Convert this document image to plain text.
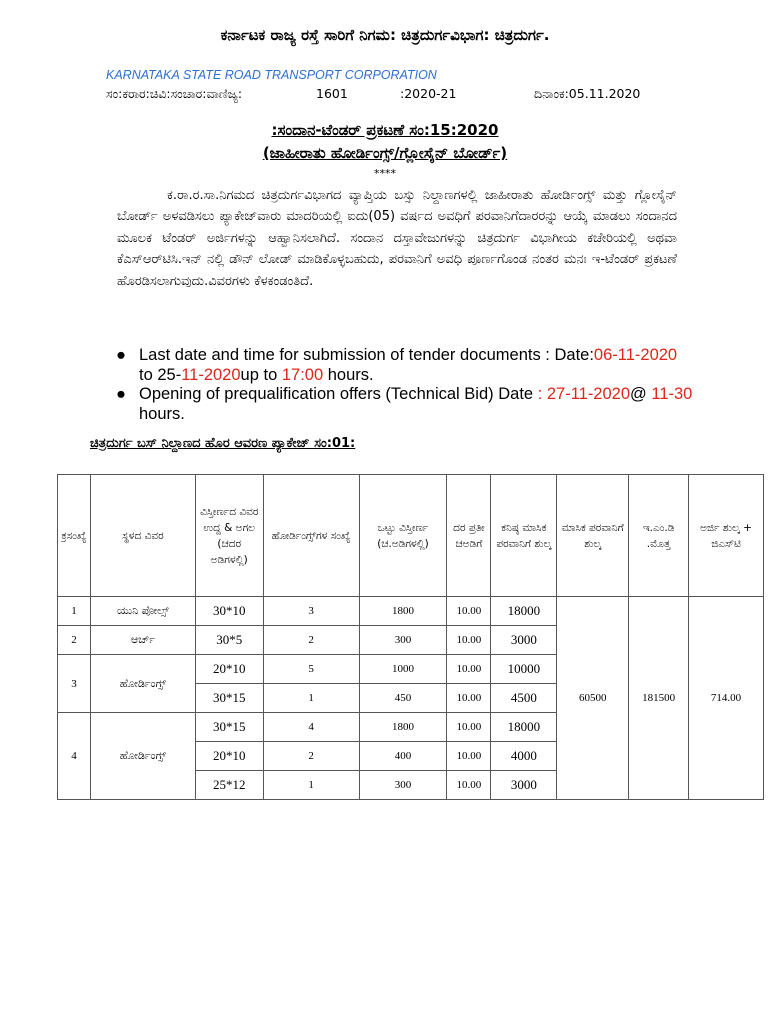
ಕರ್ನಾಟಕ ರಾಜ್ಯ ರಸ್ತೆ ಸಾರಿಗೆ ನಿಗಮ: ಚಿತ್ರದುರ್ಗವಿಭಾಗ: ಚಿತ್ರದುರ್ಗ.
KARNATAKA STATE ROAD TRANSPORT CORPORATION
ಸಂ:ಕರಾರ:ಚಿವಿ:ಸಂಚಾರ:ವಾಣಿಜ್ಯ:	1601	:2020-21	ದಿನಾಂಕ:05.11.2020
:ಸಂದಾನ-ಟೆಂಡರ್ ಪ್ರಕಟಣೆ ಸಂ:15:2020
(ಜಾಹೀರಾತು ಹೋರ್ಡಿಂಗ್ಸ್/ಗ್ಲೋಸೈನ್ ಬೋರ್ಡ್)
****

ಕ.ರಾ.ರ.ಸಾ.ನಿಗಮದ ಚಿತ್ರದುರ್ಗವಿಭಾಗದ ವ್ಯಾಪ್ತಿಯ ಬಸ್ಸು ನಿಲ್ದಾಣಗಳಲ್ಲಿ ಜಾಹೀರಾತು ಹೋರ್ಡಿಂಗ್ಸ್ ಮತ್ತು ಗ್ಲೋಸೈನ್ ಬೋರ್ಡ್ ಅಳವಡಿಸಲು ಪ್ಯಾಕೇಜ್‌ವಾರು ಮಾದರಿಯಲ್ಲಿ ಐದು(05) ವರ್ಷದ ಅವಧಿಗೆ ಪರವಾನಿಗೆದಾರರನ್ನು ಆಯ್ಕೆ ಮಾಡಲು ಸಂದಾನದ ಮೂಲಕ ಟೆಂಡರ್ ಅರ್ಜಿಗಳನ್ನು ಆಹ್ವಾನಿಸಲಾಗಿದೆ. ಸಂದಾನ ದಸ್ತಾವೇಜುಗಳನ್ನು ಚಿತ್ರದುರ್ಗ ವಿಭಾಗೀಯ ಕಚೇರಿಯಲ್ಲಿ ಅಥವಾ ಕೆಎಸ್ಆರ್‌ಟಿಸಿ.ಇನ್ ನಲ್ಲಿ ಡೌನ್ ಲೋಡ್ ಮಾಡಿಕೊಳ್ಳಬಹುದು, ಪರವಾನಿಗೆ ಅವಧಿ ಪೂರ್ಣಗೊಂಡ ನಂತರ ಮನಃ ಇ-ಟೆಂಡರ್ ಪ್ರಕಟಣೆ ಹೊರಡಿಸಲಾಗುವುದು.ವಿವರಗಳು ಕೆಳಕಂಡಂತಿದೆ.

● Last date and time for submission of tender documents : Date:06-11-2020 to 25-11-2020up to 17:00 hours.
● Opening of prequalification offers (Technical Bid) Date : 27-11-2020@ 11-30 hours.
ಚಿತ್ರದುರ್ಗ ಬಸ್ ನಿಲ್ದಾಣದ ಹೊರ ಆವರಣ ಪ್ಯಾಕೇಜ್ ಸಂ:01:
ಕ್ರಸಂಖ್ಯೆ	ಸ್ಥಳದ ವಿವರ	ವಿಸ್ತೀರ್ಣದ ವಿವರ ಉದ್ದ & ಅಗಲ (ಚದರ ಅಡಿಗಳಲ್ಲಿ)	ಹೋರ್ಡಿಂಗ್ಸ್‌ಗಳ ಸಂಖ್ಯೆ	ಒಟ್ಟು ವಿಸ್ತೀರ್ಣ (ಚ.ಅಡಿಗಳಲ್ಲಿ)	ದರ ಪ್ರತೀ ಚಅಡಿಗೆ	ಕನಿಷ್ಠ ಮಾಸಿಕ ಪರವಾನಿಗೆ ಶುಲ್ಕ	ಮಾಸಿಕ ಪರವಾನಿಗೆ ಶುಲ್ಕ	ಇ.ಎಂ.ಡಿ .ಮೊತ್ತ	ಅರ್ಜಿ ಶುಲ್ಕ + ಜಿಎಸ್‌ಟಿ
1	ಯುನಿ ಪೋಲ್ಸ್	30*10	3	1800	10.00	18000	60500	181500	714.00
2	ಆರ್ಚ್	30*5	2	300	10.00	3000			
3	ಹೋರ್ಡಿಂಗ್ಸ್	20*10	5	1000	10.00	10000			
		30*15	1	450	10.00	4500			
4	ಹೋರ್ಡಿಂಗ್ಸ್	30*15	4	1800	10.00	18000			
		20*10	2	400	10.00	4000			
		25*12	1	300	10.00	3000			
